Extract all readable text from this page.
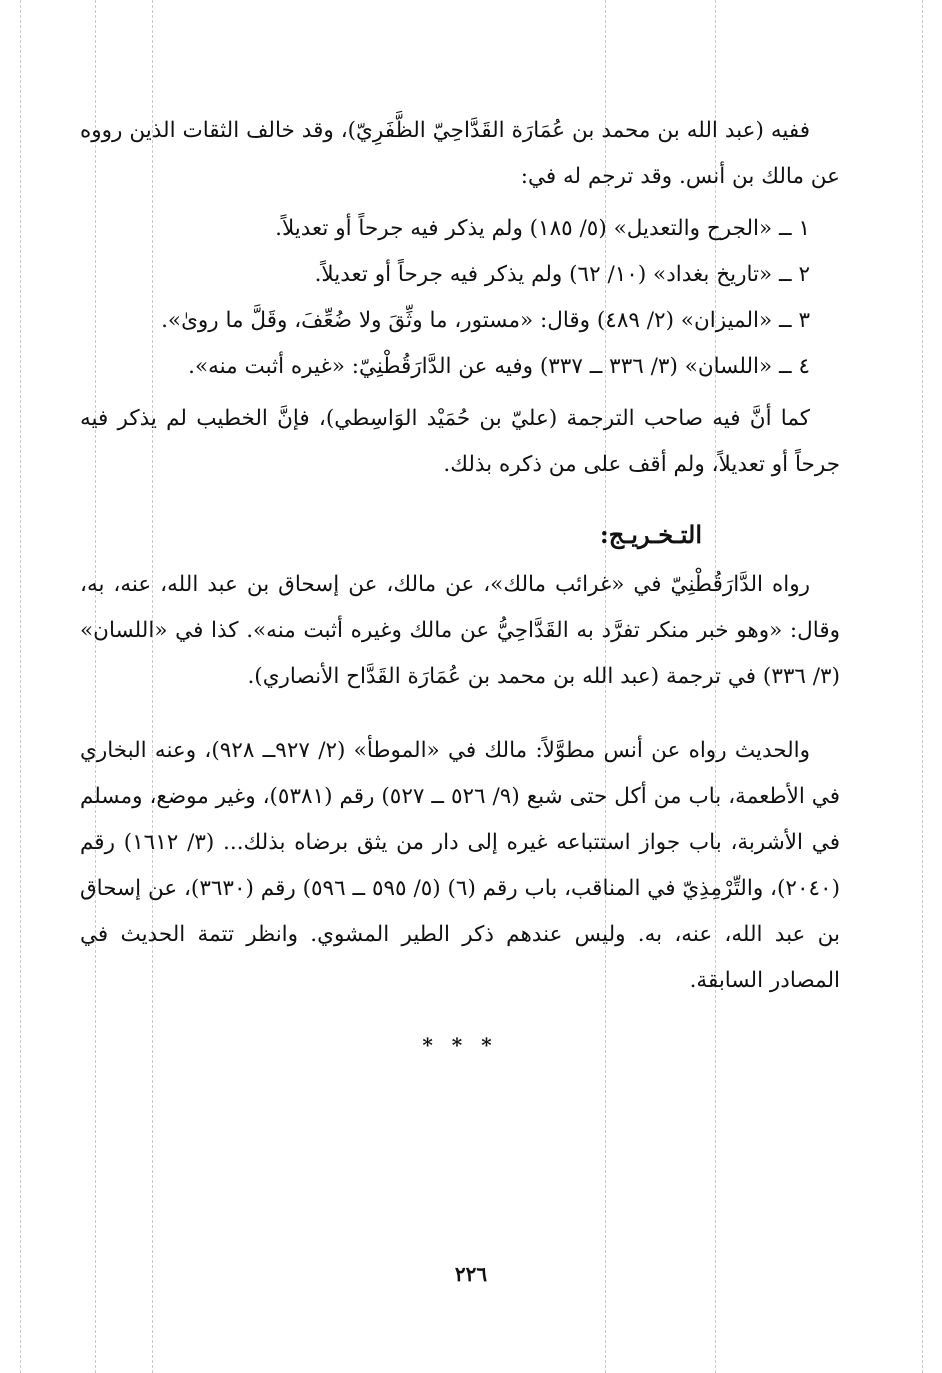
ففيه (عبد الله بن محمد بن عُمَارَة القَدَّاحِيّ الظَّفَرِيّ)، وقد خالف الثقات الذين رووه عن مالك بن أنس. وقد ترجم له في:

١ ــ «الجرح والتعديل» (٥/ ١٨٥) ولم يذكر فيه جرحاً أو تعديلاً.

٢ ــ «تاريخ بغداد» (١٠/ ٦٢) ولم يذكر فيه جرحاً أو تعديلاً.

٣ ــ «الميزان» (٢/ ٤٨٩) وقال: «مستور، ما وثِّقَ ولا ضُعِّفَ، وقَلَّ ما روىٰ».

٤ ــ «اللسان» (٣/ ٣٣٦ ــ ٣٣٧) وفيه عن الدَّارَقُطْنِيّ: «غيره أثبت منه».

كما أنَّ فيه صاحب الترجمة (عليّ بن حُمَيْد الوَاسِطي)، فإنَّ الخطيب لم يذكر فيه جرحاً أو تعديلاً، ولم أقف على من ذكره بذلك.

التـخـريـج:

رواه الدَّارَقُطْنِيّ في «غرائب مالك»، عن مالك، عن إسحاق بن عبد الله، عنه، به، وقال: «وهو خبر منكر تفرَّد به القَدَّاحِيُّ عن مالك وغيره أثبت منه». كذا في «اللسان» (٣/ ٣٣٦) في ترجمة (عبد الله بن محمد بن عُمَارَة القَدَّاح الأنصاري).

والحديث رواه عن أنس مطوَّلاً: مالك في «الموطأ» (٢/ ٩٢٧ــ ٩٢٨)، وعنه البخاري في الأطعمة، باب من أكل حتى شبع (٩/ ٥٢٦ ــ ٥٢٧) رقم (٥٣٨١)، وغير موضع، ومسلم في الأشربة، باب جواز استتباعه غيره إلى دار من يثق برضاه بذلك... (٣/ ١٦١٢) رقم (٢٠٤٠)، والتِّرْمِذِيّ في المناقب، باب رقم (٦) (٥/ ٥٩٥ ــ ٥٩٦) رقم (٣٦٣٠)، عن إسحاق بن عبد الله، عنه، به. وليس عندهم ذكر الطير المشوي. وانظر تتمة الحديث في المصادر السابقة.

* * *

٢٢٦
